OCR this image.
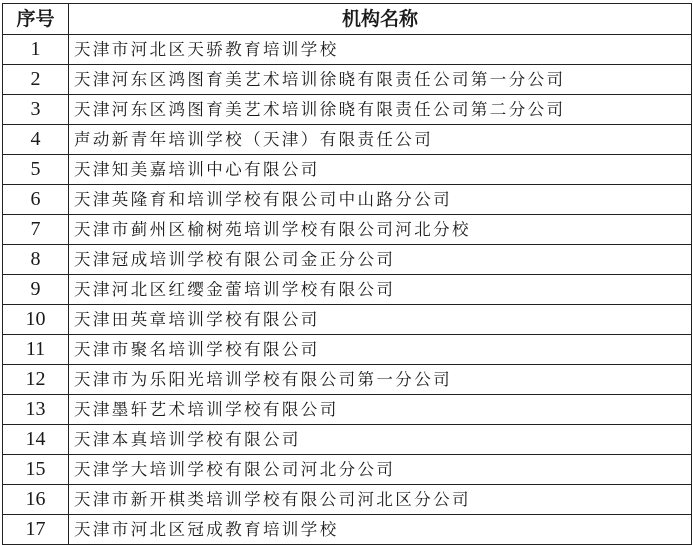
序号	机构名称
1	天津市河北区天骄教育培训学校
2	天津河东区鸿图育美艺术培训徐晓有限责任公司第一分公司
3	天津河东区鸿图育美艺术培训徐晓有限责任公司第二分公司
4	声动新青年培训学校（天津）有限责任公司
5	天津知美嘉培训中心有限公司
6	天津英隆育和培训学校有限公司中山路分公司
7	天津市蓟州区榆树苑培训学校有限公司河北分校
8	天津冠成培训学校有限公司金正分公司
9	天津河北区红缨金蕾培训学校有限公司
10	天津田英章培训学校有限公司
11	天津市聚名培训学校有限公司
12	天津市为乐阳光培训学校有限公司第一分公司
13	天津墨轩艺术培训学校有限公司
14	天津本真培训学校有限公司
15	天津学大培训学校有限公司河北分公司
16	天津市新开棋类培训学校有限公司河北区分公司
17	天津市河北区冠成教育培训学校
